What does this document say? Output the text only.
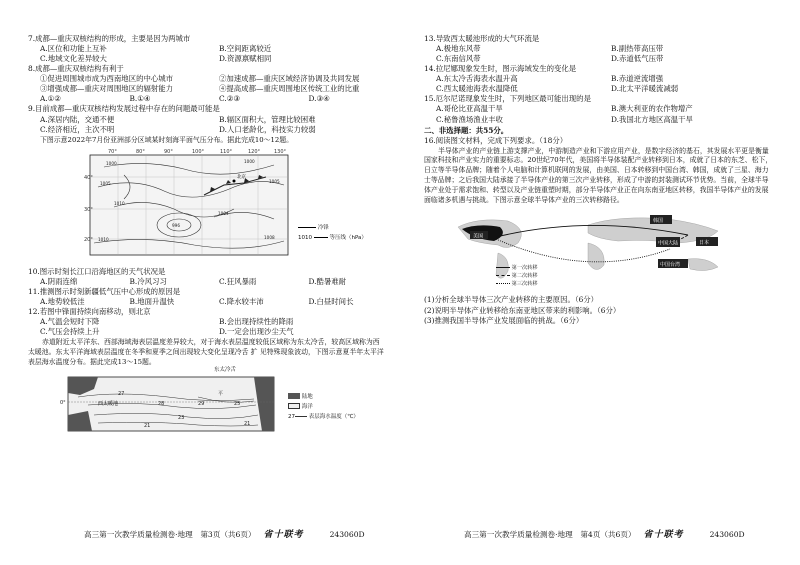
7.成都—重庆双核结构的形成，主要是因为两城市
A.区位和功能上互补	B.空间距离较近
C.地域文化差异较大	D.资源禀赋相同
8.成都—重庆双核结构有利于
①促进周围城市成为西南地区的中心城市	②加速成都—重庆区域经济协调及共同发展
③增强成都—重庆对周围地区的辐射能力	④提高成都—重庆周围地区传统工业的比重
A.①②	B.①④	C.②③	D.③④
9.目前成都—重庆双核结构发展过程中存在的问题最可能是
A.深居内陆，交通不便	B.辐区面积大，管理比较困难
C.经济相近，主次不明	D.人口老龄化，科技实力较弱
下图示意2022年7月份亚洲部分区域某时刻海平面气压分布。据此完成10～12题。
70°	80°	90°	100°	110°	120°	130°
40°
30°
20°
1000	1000
1005	1005
1010
1010
996
1004
1008
北京
冷锋
1010	等压线（hPa）
10.图示时刻长江口沿海地区的天气状况是
A.阴雨连绵	B.冷风习习	C.狂风暴雨	D.酷暑难耐
11.推测图示时刻新疆低气压中心形成的原因是
A.地势较低洼	B.地面升温快	C.降水较丰沛	D.白昼时间长
12.若图中锋面持续向南移动，则北京
A.气温会短时下降	B.会出现持续性的降雨
C.气压会持续上升	D.一定会出现沙尘天气
赤道附近太平洋东、西部海域海表层温度差异较大，对于海水表层温度较低区域称为东太冷舌，较高区域称为西太暖池。东太平洋海域表层温度在冬季和夏季之间出现较大变化呈现冷舌 扩 见特殊现象波动，下图示意夏半年太平洋表层海水温度分布。据此完成13～15题。
东太冷舌
0°
27
28	29	25
23
21	21
平
西太暖池
陆地
海洋
27	表层海水温度（℃）
高三第一次教学质量检测卷·地理　第3页（共6页） 省十联考	243060D
13.导致西太暖池形成的大气环流是
A.极地东风带	B.副热带高压带
C.东南信风带	D.赤道低气压带
14.拉尼娜现象发生时，图示海域发生的变化是
A.东太冷舌海表水温升高	B.赤道逆流增强
C.西太暖池海表水温降低	D.北太平洋暖流减弱
15.厄尔尼诺现象发生时，下列地区最可能出现的是
A.哥伦比亚高温干旱	B.澳大利亚的农作物增产
C.秘鲁渔场渔业丰收	D.我国北方地区高温干旱
二、非选择题：共55分。
16.阅读图文材料，完成下列要求。（18分）
半导体产业的产业链上游支撑产业，中游制造产业和下游应用产业，是数字经济的基石，其发展水平更是衡量国家科技和产业实力的重要标志。20世纪70年代，美国将半导体装配产业转移到日本，成就了日本的东芝、松下，日立等半导体品牌；随着个人电脑和计算机联网的发展，由美国、日本转移到中国台湾、韩国，成就了三星、海力士等品牌；之后我国大陆承接了半导体产业的第三次产业转移，形成了中游的封装测试环节优势。当前，全球半导体产业处于需求饱和、转型以及产业链重塑时期，部分半导体产业正在向东南亚地区转移，我国半导体产业的发展面临诸多机遇与挑战。下图示意全球半导体产业的三次转移路径。
美国
韩国
日本
中国台湾
中国大陆
第一次转移
第二次转移
第三次转移
(1)分析全球半导体三次产业转移的主要原因。（6分）
(2)说明半导体产业转移给东南亚地区带来的利影响。（6分）
(3)推测我国半导体产业发展面临的挑战。（6分）
高三第一次教学质量检测卷·地理　第4页（共6页） 省十联考	243060D
